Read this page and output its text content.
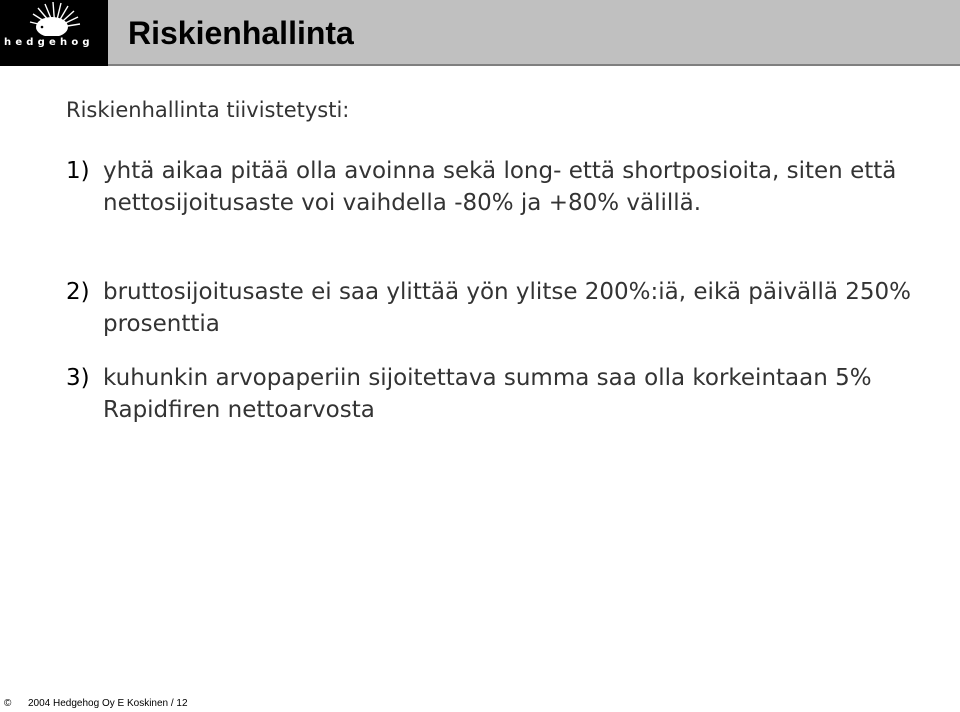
hedgehog	Riskienhallinta
Riskienhallinta tiivistetysti:
1) yhtä aikaa pitää olla avoinna sekä long- että shortposioita, siten että nettosijoitusaste voi vaihdella -80% ja +80% välillä.
2) bruttosijoitusaste ei saa ylittää yön ylitse 200%:iä, eikä päivällä 250% prosenttia
3) kuhunkin arvopaperiin sijoitettava summa saa olla korkeintaan 5% Rapidfiren nettoarvosta
© 2004 Hedgehog Oy E Koskinen / 12
